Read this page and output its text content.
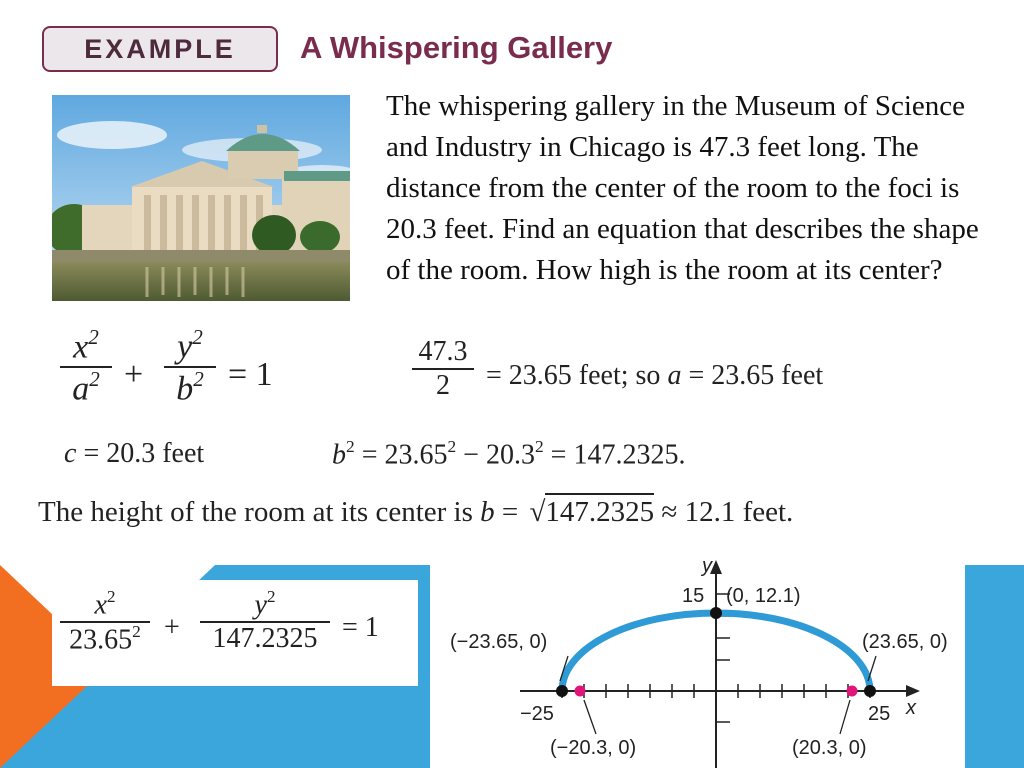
EXAMPLE A Whispering Gallery
The whispering gallery in the Museum of Science and Industry in Chicago is 47.3 feet long. The distance from the center of the room to the foci is 20.3 feet. Find an equation that describes the shape of the room. How high is the room at its center?
$x^2$
$a^2$ +
$y^2$
$b^2 = 1$
47.3
2	= 23.65 feet; so a = 23.65 feet
c = 20.3 feet	$b^2 = 23.65^2 - 20.3^2 = 147.2325$.
The height of the room at its center is b = √147.2325 ≈ 12.1 feet.
$x^2$
$23.65^2$ +
$y^2$
147.2325 = 1
y
x
15 (0, 12.1)
−25	25
(−23.65, 0)	(23.65, 0)
(−20.3, 0)	(20.3, 0)
